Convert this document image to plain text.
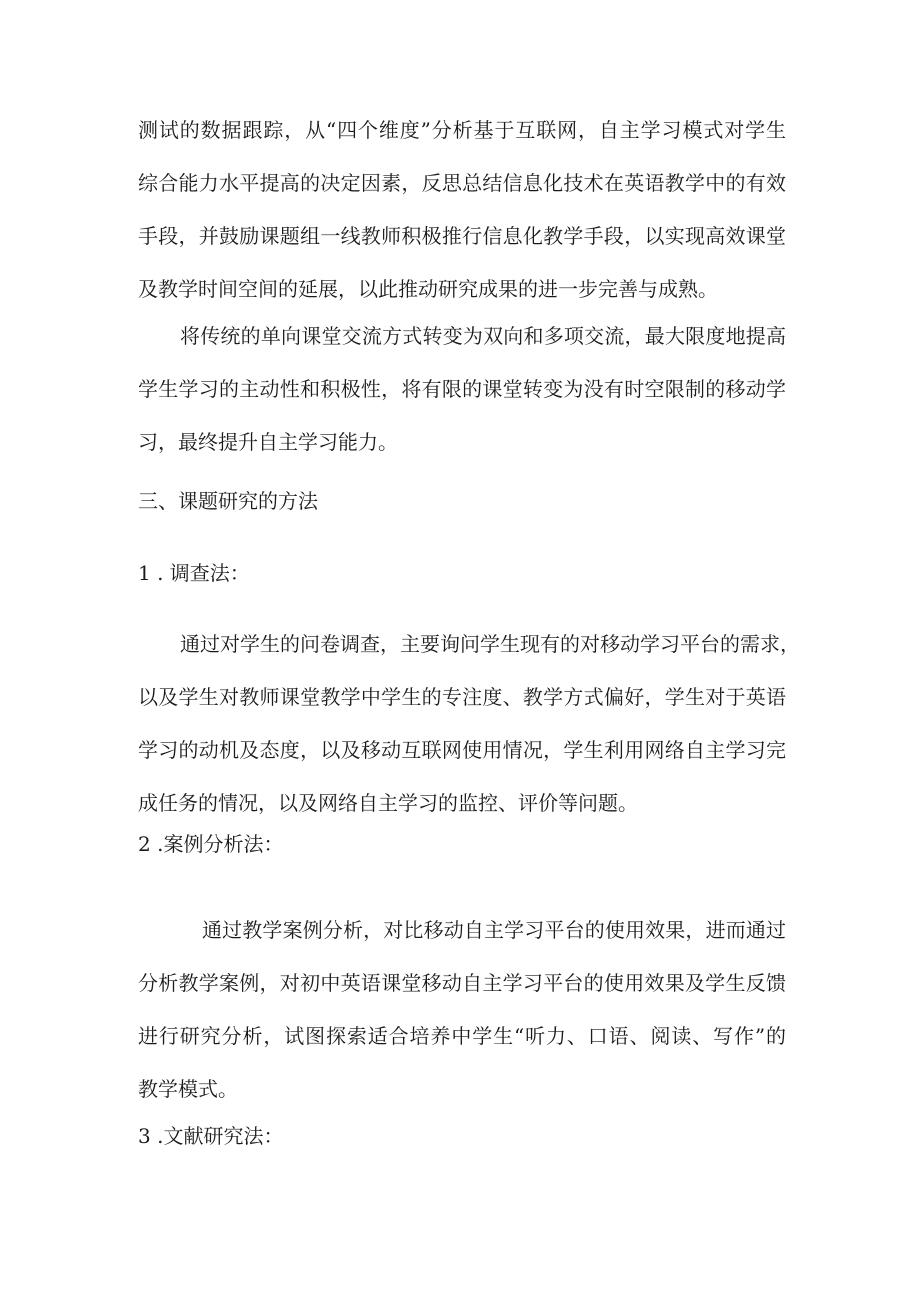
测试的数据跟踪，从“四个维度”分析基于互联网，自主学习模式对学生
综合能力水平提高的决定因素，反思总结信息化技术在英语教学中的有效
手段，并鼓励课题组一线教师积极推行信息化教学手段，以实现高效课堂
及教学时间空间的延展，以此推动研究成果的进一步完善与成熟。
将传统的单向课堂交流方式转变为双向和多项交流，最大限度地提高
学生学习的主动性和积极性，将有限的课堂转变为没有时空限制的移动学
习，最终提升自主学习能力。
三、课题研究的方法
1 . 调查法：
通过对学生的问卷调查，主要询问学生现有的对移动学习平台的需求，
以及学生对教师课堂教学中学生的专注度、教学方式偏好，学生对于英语
学习的动机及态度，以及移动互联网使用情况，学生利用网络自主学习完
成任务的情况，以及网络自主学习的监控、评价等问题。
2 .案例分析法：
通过教学案例分析，对比移动自主学习平台的使用效果，进而通过
分析教学案例，对初中英语课堂移动自主学习平台的使用效果及学生反馈
进行研究分析，试图探索适合培养中学生“听力、口语、阅读、写作”的
教学模式。
3 .文献研究法：
